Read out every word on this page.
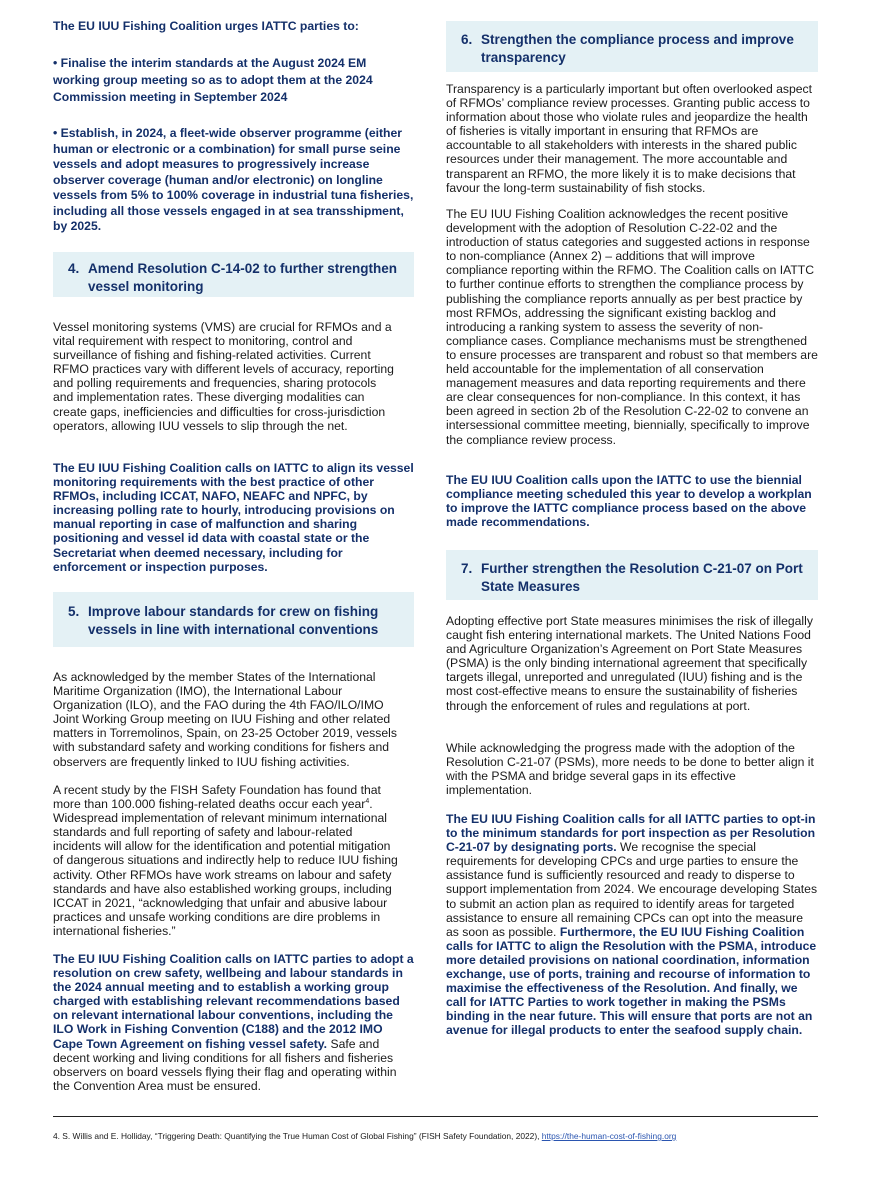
The EU IUU Fishing Coalition urges IATTC parties to:

• Finalise the interim standards at the August 2024 EM working group meeting so as to adopt them at the 2024 Commission meeting in September 2024

• Establish, in 2024, a fleet-wide observer programme (either human or electronic or a combination) for small purse seine vessels and adopt measures to progressively increase observer coverage (human and/or electronic) on longline vessels from 5% to 100% coverage in industrial tuna fisheries, including all those vessels engaged in at sea transshipment, by 2025.

4. Amend Resolution C-14-02 to further strengthen vessel monitoring

Vessel monitoring systems (VMS) are crucial for RFMOs and a vital requirement with respect to monitoring, control and surveillance of fishing and fishing-related activities. Current RFMO practices vary with different levels of accuracy, reporting and polling requirements and frequencies, sharing protocols and implementation rates. These diverging modalities can create gaps, inefficiencies and difficulties for cross-jurisdiction operators, allowing IUU vessels to slip through the net.

The EU IUU Fishing Coalition calls on IATTC to align its vessel monitoring requirements with the best practice of other RFMOs, including ICCAT, NAFO, NEAFC and NPFC, by increasing polling rate to hourly, introducing provisions on manual reporting in case of malfunction and sharing positioning and vessel id data with coastal state or the Secretariat when deemed necessary, including for enforcement or inspection purposes.

5. Improve labour standards for crew on fishing vessels in line with international conventions

As acknowledged by the member States of the International Maritime Organization (IMO), the International Labour Organization (ILO), and the FAO during the 4th FAO/ILO/IMO Joint Working Group meeting on IUU Fishing and other related matters in Torremolinos, Spain, on 23-25 October 2019, vessels with substandard safety and working conditions for fishers and observers are frequently linked to IUU fishing activities.

A recent study by the FISH Safety Foundation has found that more than 100.000 fishing-related deaths occur each year$^4$. Widespread implementation of relevant minimum international standards and full reporting of safety and labour-related incidents will allow for the identification and potential mitigation of dangerous situations and indirectly help to reduce IUU fishing activity. Other RFMOs have work streams on labour and safety standards and have also established working groups, including ICCAT in 2021, “acknowledging that unfair and abusive labour practices and unsafe working conditions are dire problems in international fisheries.”

The EU IUU Fishing Coalition calls on IATTC parties to adopt a resolution on crew safety, wellbeing and labour standards in the 2024 annual meeting and to establish a working group charged with establishing relevant recommendations based on relevant international labour conventions, including the ILO Work in Fishing Convention (C188) and the 2012 IMO Cape Town Agreement on fishing vessel safety. Safe and decent working and living conditions for all fishers and fisheries observers on board vessels flying their flag and operating within the Convention Area must be ensured.

6. Strengthen the compliance process and improve transparency

Transparency is a particularly important but often overlooked aspect of RFMOs’ compliance review processes. Granting public access to information about those who violate rules and jeopardize the health of fisheries is vitally important in ensuring that RFMOs are accountable to all stakeholders with interests in the shared public resources under their management. The more accountable and transparent an RFMO, the more likely it is to make decisions that favour the long-term sustainability of fish stocks.

The EU IUU Fishing Coalition acknowledges the recent positive development with the adoption of Resolution C-22-02 and the introduction of status categories and suggested actions in response to non-compliance (Annex 2) – additions that will improve compliance reporting within the RFMO. The Coalition calls on IATTC to further continue efforts to strengthen the compliance process by publishing the compliance reports annually as per best practice by most RFMOs, addressing the significant existing backlog and introducing a ranking system to assess the severity of non-compliance cases. Compliance mechanisms must be strengthened to ensure processes are transparent and robust so that members are held accountable for the implementation of all conservation management measures and data reporting requirements and there are clear consequences for non-compliance. In this context, it has been agreed in section 2b of the Resolution C-22-02 to convene an intersessional committee meeting, biennially, specifically to improve the compliance review process.

The EU IUU Coalition calls upon the IATTC to use the biennial compliance meeting scheduled this year to develop a workplan to improve the IATTC compliance process based on the above made recommendations.

7. Further strengthen the Resolution C-21-07 on Port State Measures

Adopting effective port State measures minimises the risk of illegally caught fish entering international markets. The United Nations Food and Agriculture Organization’s Agreement on Port State Measures (PSMA) is the only binding international agreement that specifically targets illegal, unreported and unregulated (IUU) fishing and is the most cost-effective means to ensure the sustainability of fisheries through the enforcement of rules and regulations at port.

While acknowledging the progress made with the adoption of the Resolution C-21-07 (PSMs), more needs to be done to better align it with the PSMA and bridge several gaps in its effective implementation.

The EU IUU Fishing Coalition calls for all IATTC parties to opt-in to the minimum standards for port inspection as per Resolution C-21-07 by designating ports. We recognise the special requirements for developing CPCs and urge parties to ensure the assistance fund is sufficiently resourced and ready to disperse to support implementation from 2024. We encourage developing States to submit an action plan as required to identify areas for targeted assistance to ensure all remaining CPCs can opt into the measure as soon as possible. Furthermore, the EU IUU Fishing Coalition calls for IATTC to align the Resolution with the PSMA, introduce more detailed provisions on national coordination, information exchange, use of ports, training and recourse of information to maximise the effectiveness of the Resolution. And finally, we call for IATTC Parties to work together in making the PSMs binding in the near future. This will ensure that ports are not an avenue for illegal products to enter the seafood supply chain.

4. S. Willis and E. Holliday, “Triggering Death: Quantifying the True Human Cost of Global Fishing” (FISH Safety Foundation, 2022), https://the-human-cost-of-fishing.org
